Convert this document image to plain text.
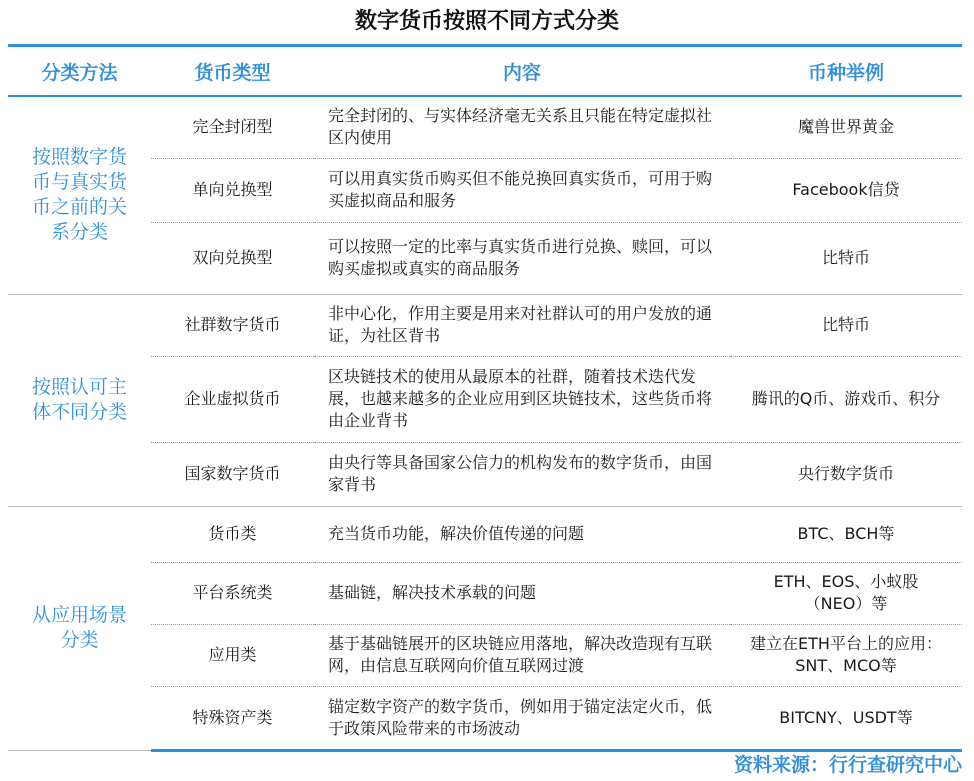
数字货币按照不同方式分类
分类方法	货币类型	内容	币种举例

按照数字货币与真实货币之前的关系分类	完全封闭型	完全封闭的、与实体经济毫无关系且只能在特定虚拟社区内使用	魔兽世界黄金
	单向兑换型	可以用真实货币购买但不能兑换回真实货币，可用于购买虚拟商品和服务	Facebook信贷
	双向兑换型	可以按照一定的比率与真实货币进行兑换、赎回，可以购买虚拟或真实的商品服务	比特币

按照认可主体不同分类	社群数字货币	非中心化，作用主要是用来对社群认可的用户发放的通证，为社区背书	比特币
	企业虚拟货币	区块链技术的使用从最原本的社群，随着技术迭代发展，也越来越多的企业应用到区块链技术，这些货币将由企业背书	腾讯的Q币、游戏币、积分

	国家数字货币	由央行等具备国家公信力的机构发布的数字货币，由国家背书	央行数字货币

从应用场景分类	货币类	充当货币功能，解决价值传递的问题	BTC、BCH等
	平台系统类	基础链，解决技术承载的问题	ETH、EOS、小蚁股（NEO）等

	应用类	基于基础链展开的区块链应用落地，解决改造现有互联网，由信息互联网向价值互联网过渡	建立在ETH平台上的应用：SNT、MCO等

	特殊资产类	锚定数字资产的数字货币，例如用于锚定法定火币，低于政策风险带来的市场波动	BITCNY、USDT等
资料来源：行行查研究中心
